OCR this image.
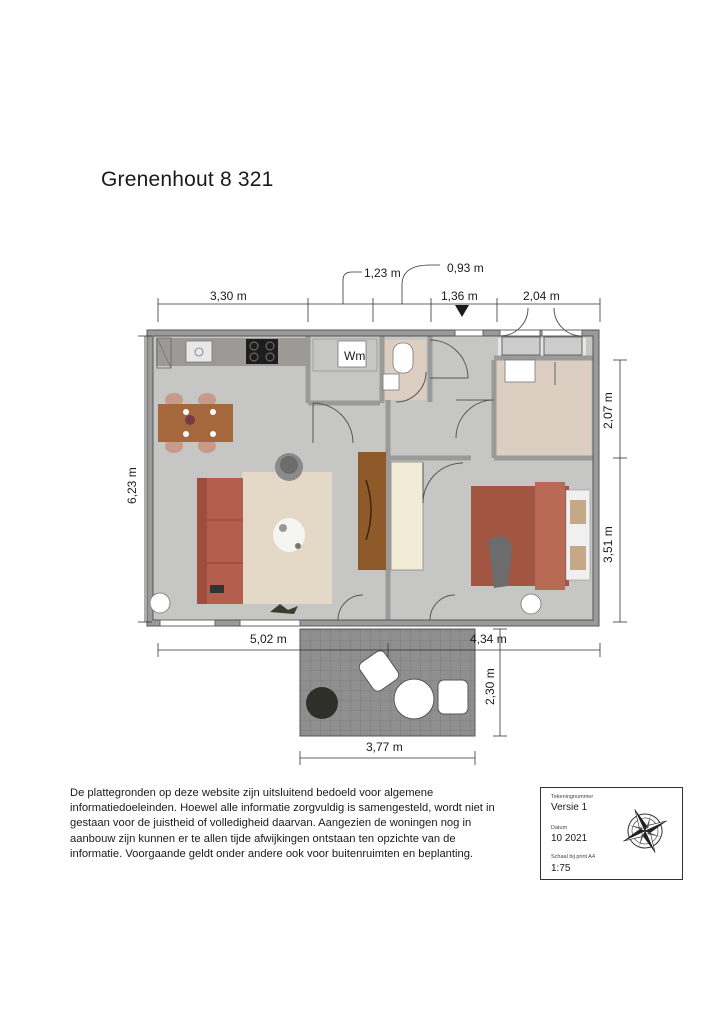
Grenenhout 8 321
Wm
3,30 m
1,23 m	0,93 m
1,36 m	2,04 m
6,23 m
2,07 m
3,51 m
5,02 m	4,34 m
3,77 m
2,30 m
De plattegronden op deze website zijn uitsluitend bedoeld voor algemene informatiedoeleinden. Hoewel alle informatie zorgvuldig is samengesteld, wordt niet in gestaan voor de juistheid of volledigheid daarvan. Aangezien de woningen nog in aanbouw zijn kunnen er te allen tijde afwijkingen ontstaan ten opzichte van de informatie. Voorgaande geldt onder andere ook voor buitenruimten en beplanting.
Tekeningnummer
Versie 1
Datum
10 2021
Schaal bij print A4
1:75
